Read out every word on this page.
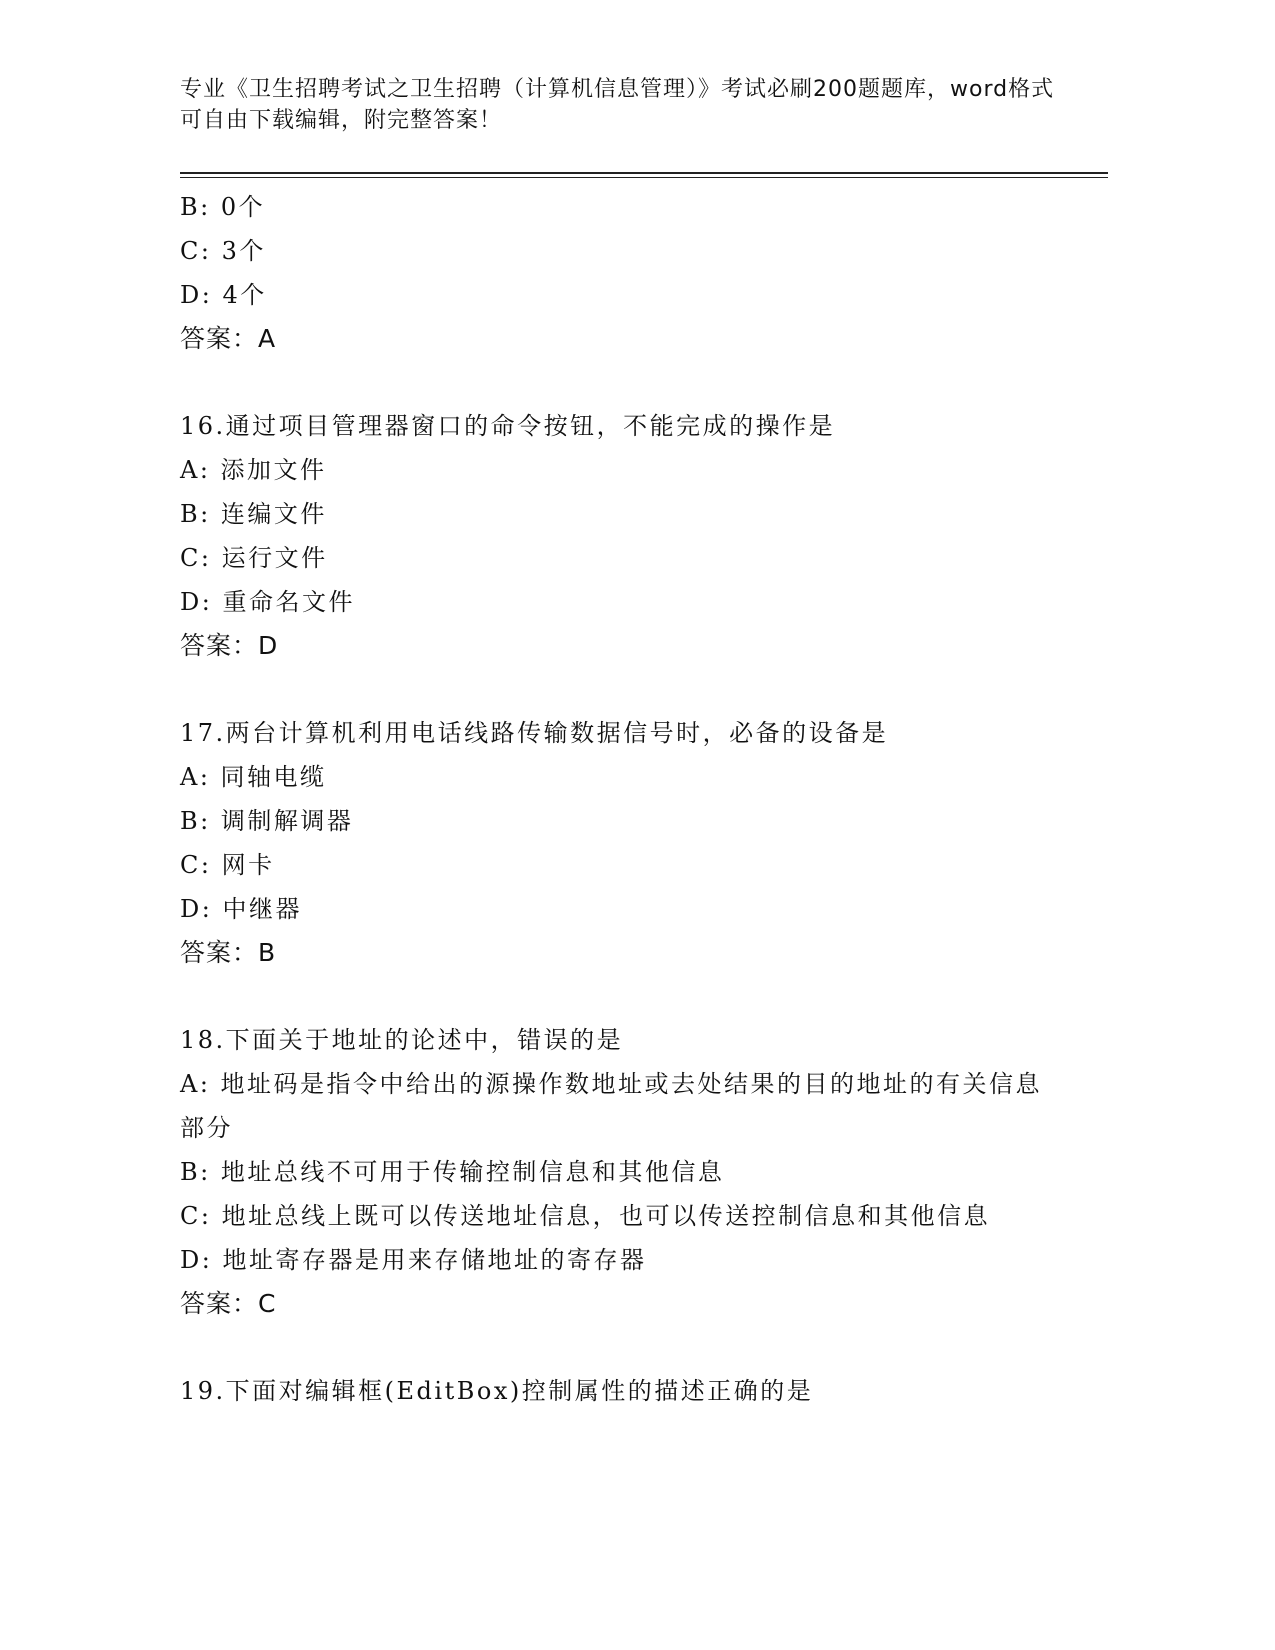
专业《卫生招聘考试之卫生招聘（计算机信息管理）》考试必刷200题题库，word格式可自由下载编辑，附完整答案！
B: 0个
C: 3个
D: 4个
答案：A
16.通过项目管理器窗口的命令按钮，不能完成的操作是
A: 添加文件
B: 连编文件
C: 运行文件
D: 重命名文件
答案：D
17.两台计算机利用电话线路传输数据信号时，必备的设备是
A: 同轴电缆
B: 调制解调器
C: 网卡
D: 中继器
答案：B
18.下面关于地址的论述中，错误的是
A: 地址码是指令中给出的源操作数地址或去处结果的目的地址的有关信息部分
B: 地址总线不可用于传输控制信息和其他信息
C: 地址总线上既可以传送地址信息，也可以传送控制信息和其他信息
D: 地址寄存器是用来存储地址的寄存器
答案：C
19.下面对编辑框(EditBox)控制属性的描述正确的是
